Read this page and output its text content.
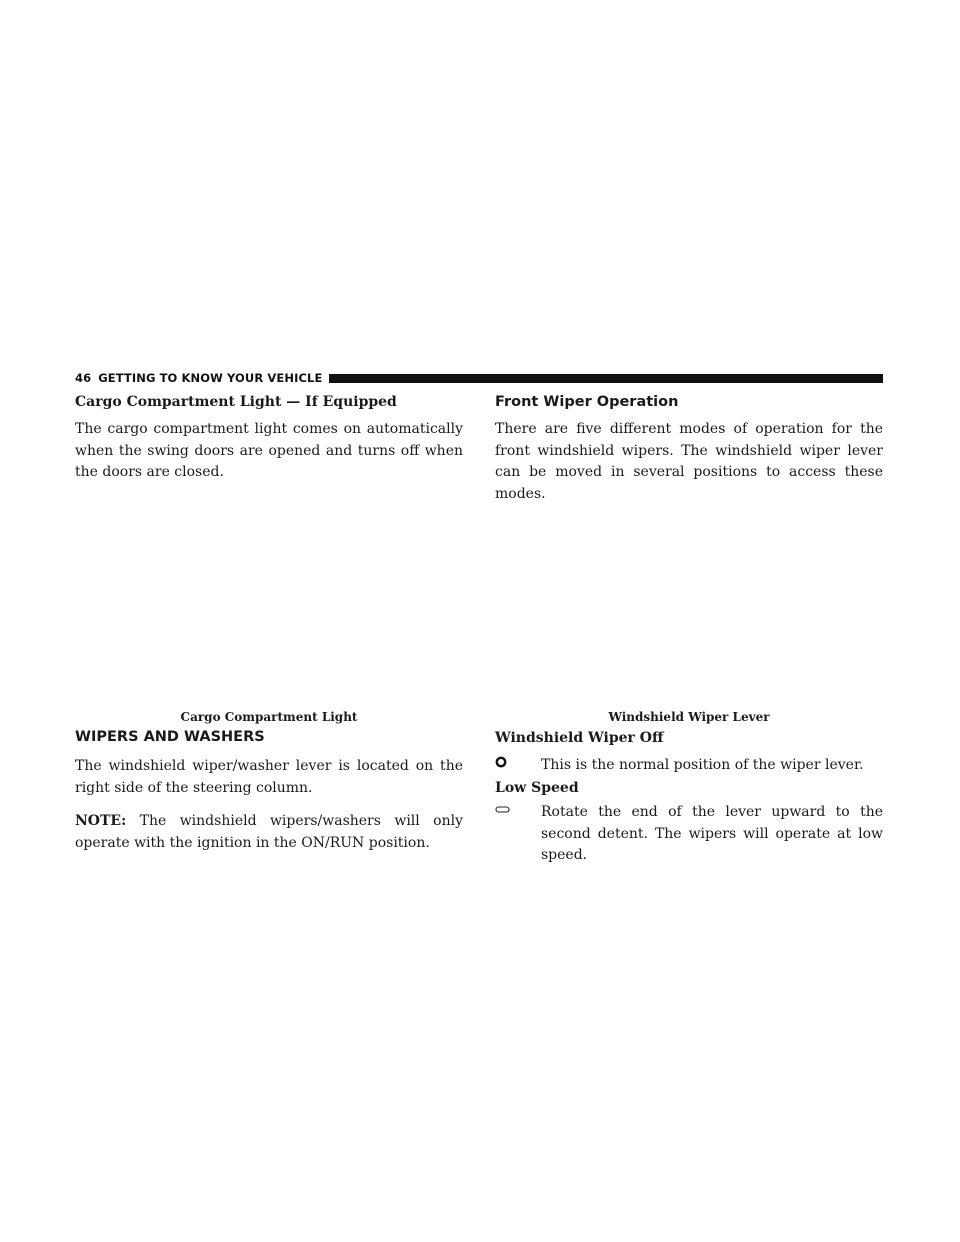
46 GETTING TO KNOW YOUR VEHICLE
Cargo Compartment Light — If Equipped

The cargo compartment light comes on automatically when the swing doors are opened and turns off when the doors are closed.

Front Wiper Operation

There are five different modes of operation for the front windshield wipers. The windshield wiper lever can be moved in several positions to access these modes.

Cargo Compartment Light	Windshield Wiper Lever
WIPERS AND WASHERS

The windshield wiper/washer lever is located on the right side of the steering column.

NOTE: The windshield wipers/washers will only operate with the ignition in the ON/RUN position.

Windshield Wiper Off
This is the normal position of the wiper lever.
Low Speed
Rotate the end of the lever upward to the second detent. The wipers will operate at low speed.
